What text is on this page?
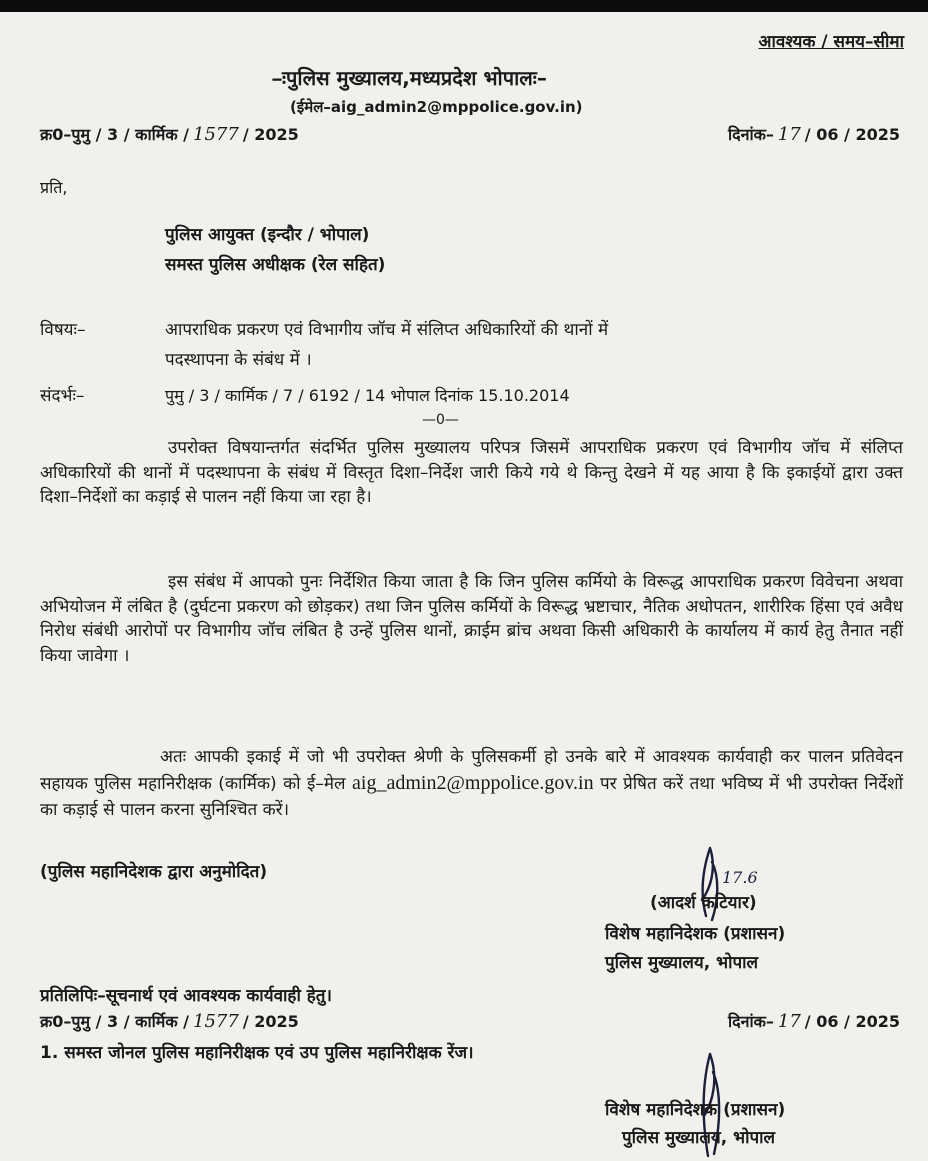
आवश्यक / समय–सीमा
–ःपुलिस मुख्यालय,मध्यप्रदेश भोपालः–
(ईमेल–aig_admin2@mppolice.gov.in)
क्र0–पुमु / 3 / कार्मिक / 1577 / 2025	दिनांक– 17 / 06 / 2025
प्रति,
पुलिस आयुक्त (इन्दौर / भोपाल)
समस्त पुलिस अधीक्षक (रेल सहित)
विषयः–	आपराधिक प्रकरण एवं विभागीय जॉच में संलिप्त अधिकारियों की थानों में
पदस्थापना के संबंध में ।
संदर्भः–	पुमु / 3 / कार्मिक / 7 / 6192 / 14 भोपाल दिनांक 15.10.2014
—0—
उपरोक्त विषयान्तर्गत संदर्भित पुलिस मुख्यालय परिपत्र जिसमें आपराधिक प्रकरण एवं विभागीय जॉच में संलिप्त अधिकारियों की थानों में पदस्थापना के संबंध में विस्तृत दिशा–निर्देश जारी किये गये थे किन्तु देखने में यह आया है कि इकाईयों द्वारा उक्त दिशा–निर्देशों का कड़ाई से पालन नहीं किया जा रहा है।
इस संबंध में आपको पुनः निर्देशित किया जाता है कि जिन पुलिस कर्मियो के विरूद्ध आपराधिक प्रकरण विवेचना अथवा अभियोजन में लंबित है (दुर्घटना प्रकरण को छोड़कर) तथा जिन पुलिस कर्मियों के विरूद्ध भ्रष्टाचार, नैतिक अधोपतन, शारीरिक हिंसा एवं अवैध निरोध संबंधी आरोपों पर विभागीय जॉच लंबित है उन्हें पुलिस थानों, क्राईम ब्रांच अथवा किसी अधिकारी के कार्यालय में कार्य हेतु तैनात नहीं किया जावेगा ।
अतः आपकी इकाई में जो भी उपरोक्त श्रेणी के पुलिसकर्मी हो उनके बारे में आवश्यक कार्यवाही कर पालन प्रतिवेदन सहायक पुलिस महानिरीक्षक (कार्मिक) को ई–मेल aig_admin2@mppolice.gov.in पर प्रेषित करें तथा भविष्य में भी उपरोक्त निर्देशों का कड़ाई से पालन करना सुनिश्चित करें।
(पुलिस महानिदेशक द्वारा अनुमोदित)	17.6
(आदर्श कटियार)
विशेष महानिदेशक (प्रशासन)
पुलिस मुख्यालय, भोपाल
प्रतिलिपिः–सूचनार्थ एवं आवश्यक कार्यवाही हेतु।
क्र0–पुमु / 3 / कार्मिक / 1577 / 2025	दिनांक– 17 / 06 / 2025
1. समस्त जोनल पुलिस महानिरीक्षक एवं उप पुलिस महानिरीक्षक रेंज।
विशेष महानिदेशक (प्रशासन)
पुलिस मुख्यालय, भोपाल
